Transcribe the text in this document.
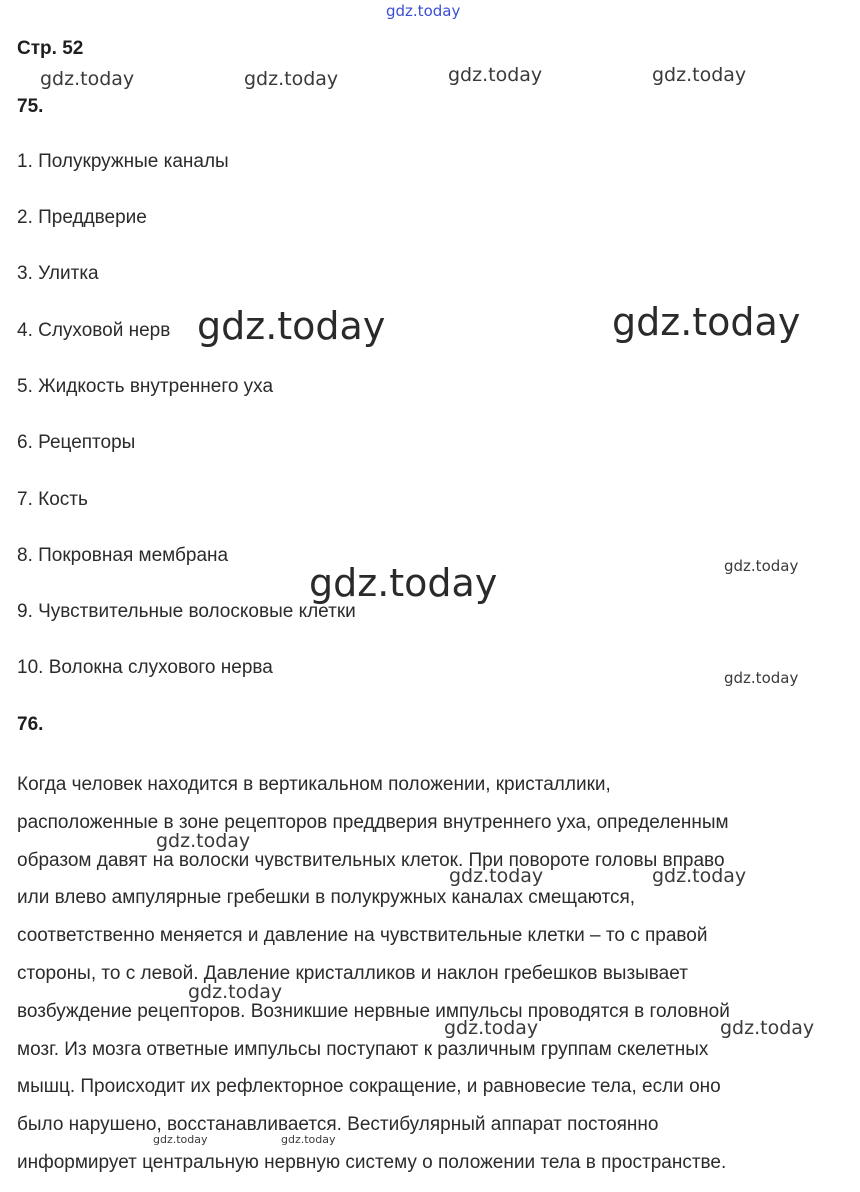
gdz.today
Стр. 52
75.
1. Полукружные каналы
2. Преддверие
3. Улитка
4. Слуховой нерв
5. Жидкость внутреннего уха
6. Рецепторы
7. Кость
8. Покровная мембрана
9. Чувствительные волосковые клетки
10. Волокна слухового нерва
76.
Когда человек находится в вертикальном положении, кристаллики,
расположенные в зоне рецепторов преддверия внутреннего уха, определенным
образом давят на волоски чувствительных клеток. При повороте головы вправо
или влево ампулярные гребешки в полукружных каналах смещаются,
соответственно меняется и давление на чувствительные клетки – то с правой
стороны, то с левой. Давление кристалликов и наклон гребешков вызывает
возбуждение рецепторов. Возникшие нервные импульсы проводятся в головной
мозг. Из мозга ответные импульсы поступают к различным группам скелетных
мышц. Происходит их рефлекторное сокращение, и равновесие тела, если оно
было нарушено, восстанавливается. Вестибулярный аппарат постоянно
информирует центральную нервную систему о положении тела в пространстве.
gdz.today	gdz.today	gdz.today	gdz.today
gdz.today	gdz.today
gdz.today
gdz.today
gdz.today
gdz.today
gdz.today	gdz.today
gdz.today
gdz.today	gdz.today
gdz.today	gdz.today
